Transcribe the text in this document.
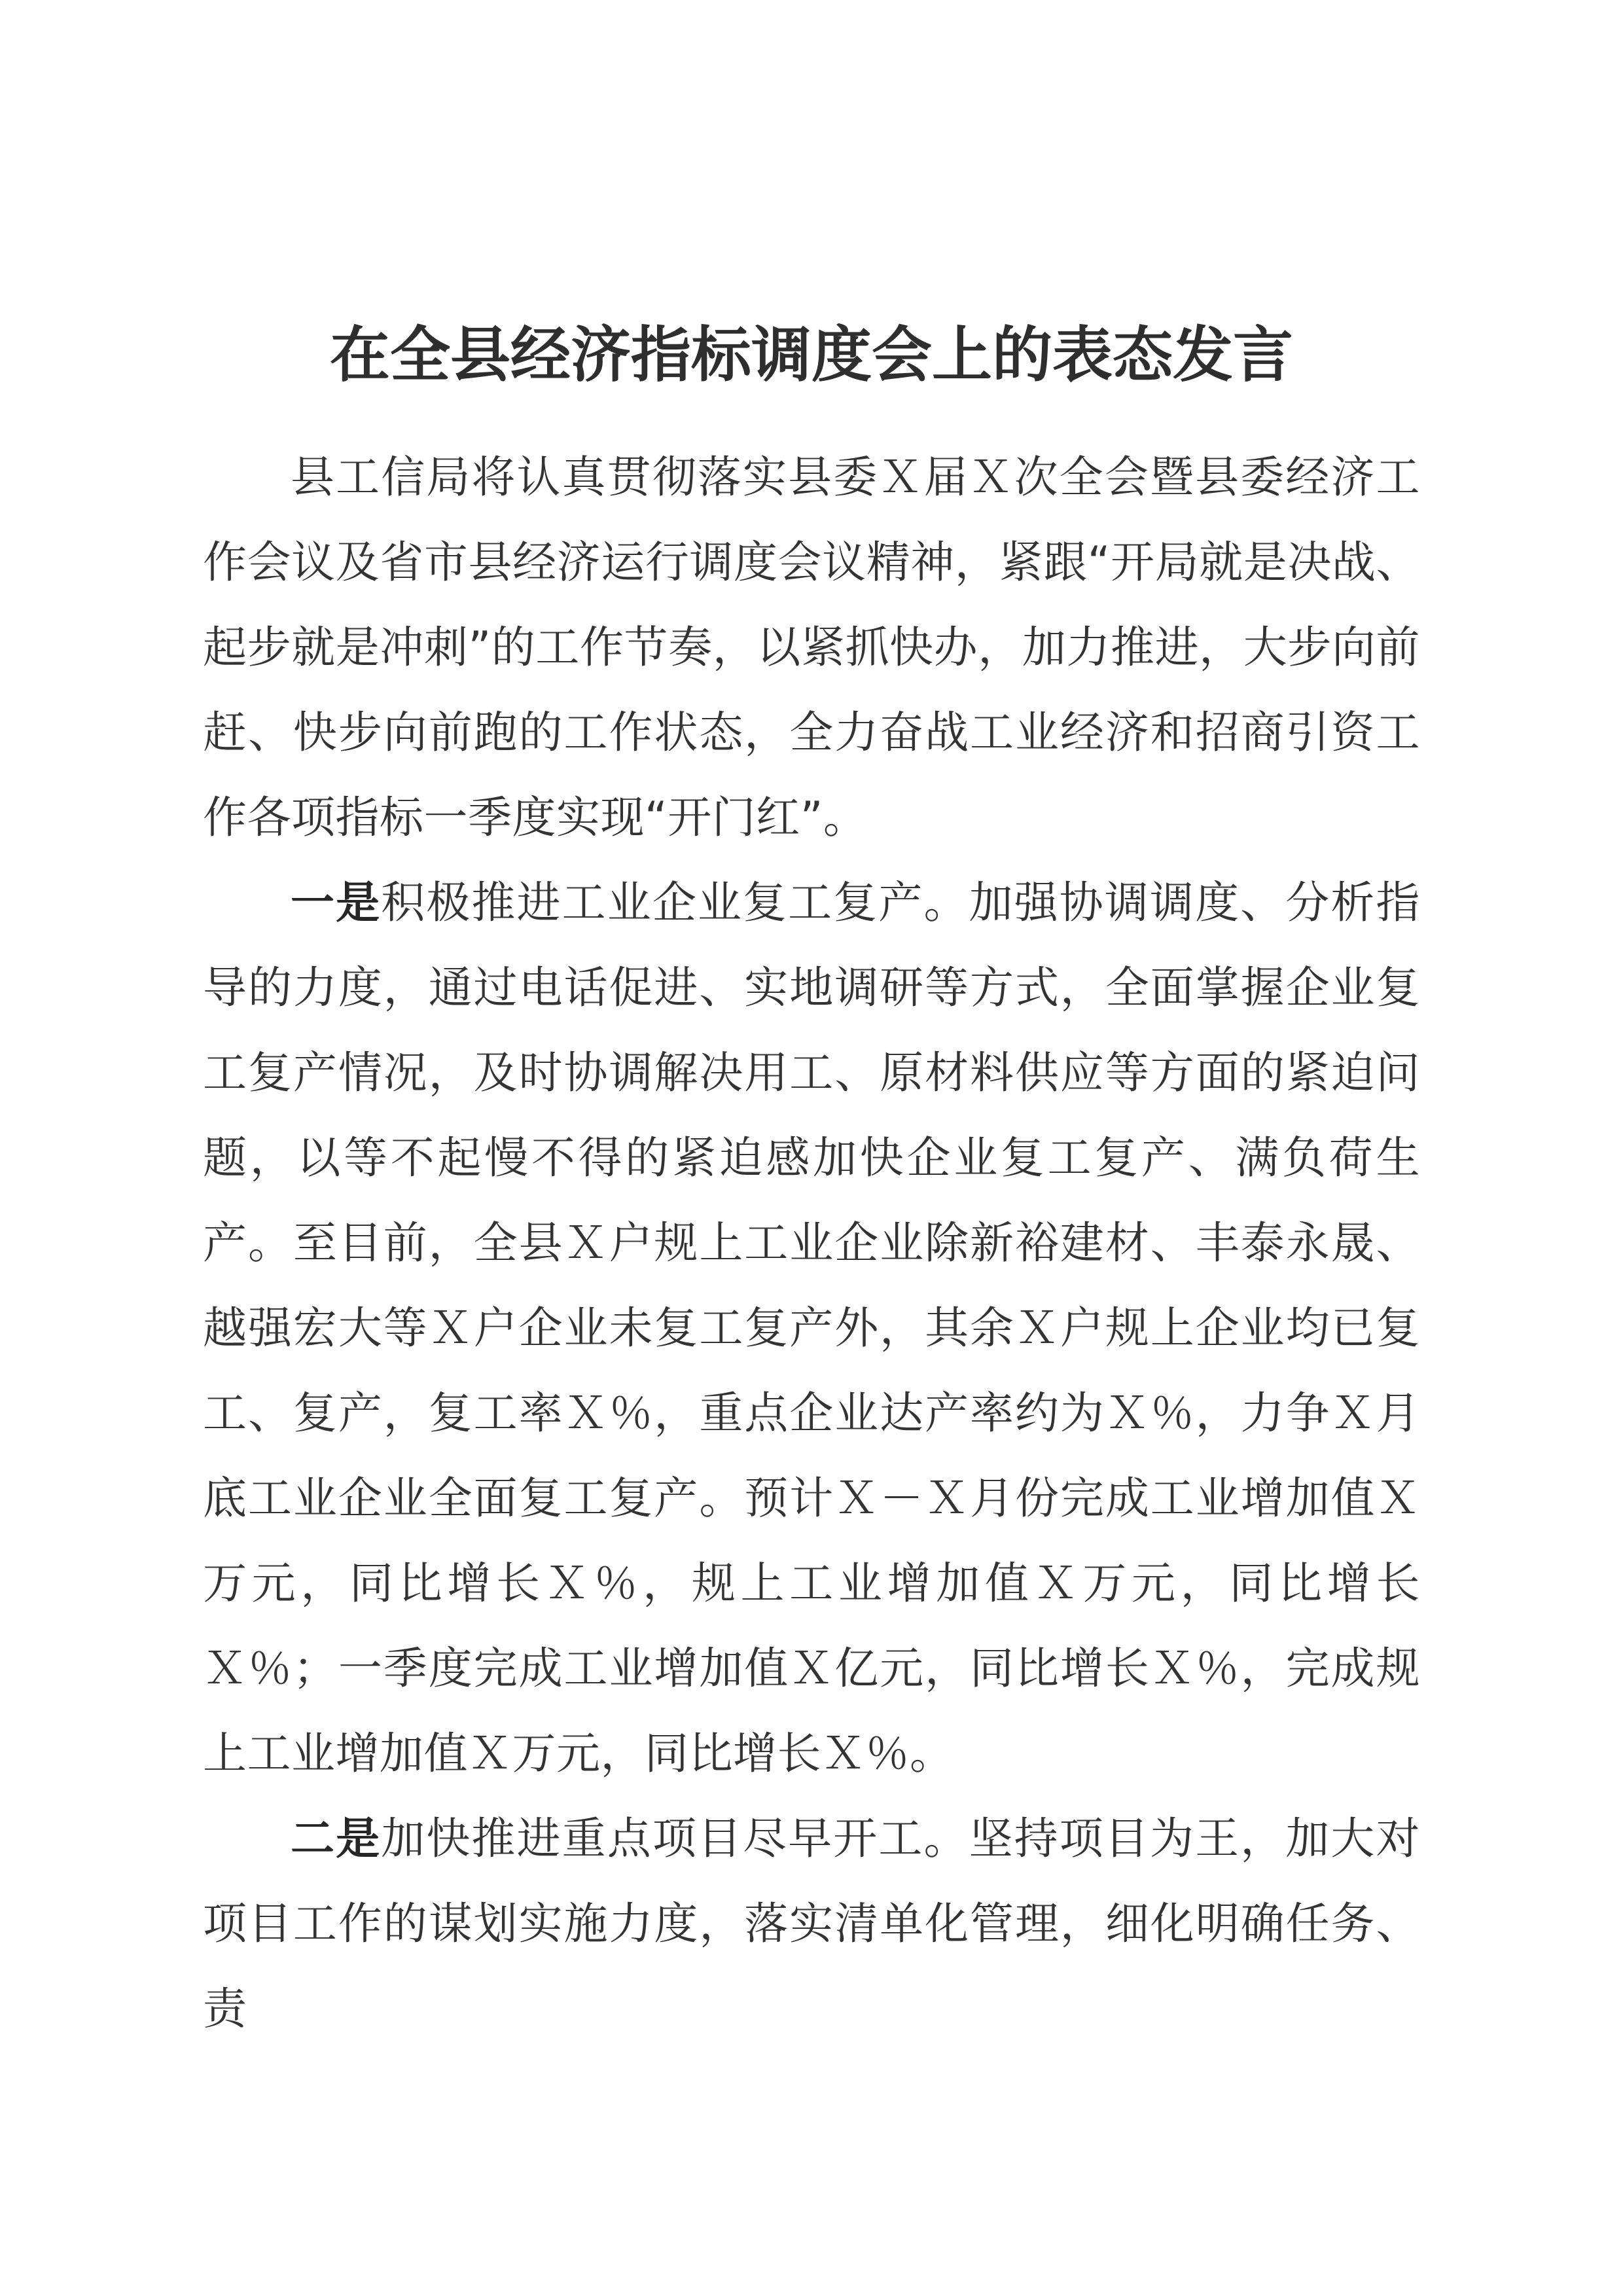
在全县经济指标调度会上的表态发言

县工信局将认真贯彻落实县委Ｘ届Ｘ次全会暨县委经济工作会议及省市县经济运行调度会议精神，紧跟“开局就是决战、起步就是冲刺”的工作节奏，以紧抓快办，加力推进，大步向前赶、快步向前跑的工作状态，全力奋战工业经济和招商引资工作各项指标一季度实现“开门红”。

一是积极推进工业企业复工复产。加强协调调度、分析指导的力度，通过电话促进、实地调研等方式，全面掌握企业复工复产情况，及时协调解决用工、原材料供应等方面的紧迫问题，以等不起慢不得的紧迫感加快企业复工复产、满负荷生产。至目前，全县Ｘ户规上工业企业除新裕建材、丰泰永晟、越强宏大等Ｘ户企业未复工复产外，其余Ｘ户规上企业均已复工、复产，复工率Ｘ％，重点企业达产率约为Ｘ％，力争Ｘ月底工业企业全面复工复产。预计Ｘ－Ｘ月份完成工业增加值Ｘ万元，同比增长Ｘ％，规上工业增加值Ｘ万元，同比增长Ｘ％；一季度完成工业增加值Ｘ亿元，同比增长Ｘ％，完成规上工业增加值Ｘ万元，同比增长Ｘ％。

二是加快推进重点项目尽早开工。坚持项目为王，加大对项目工作的谋划实施力度，落实清单化管理，细化明确任务、责
